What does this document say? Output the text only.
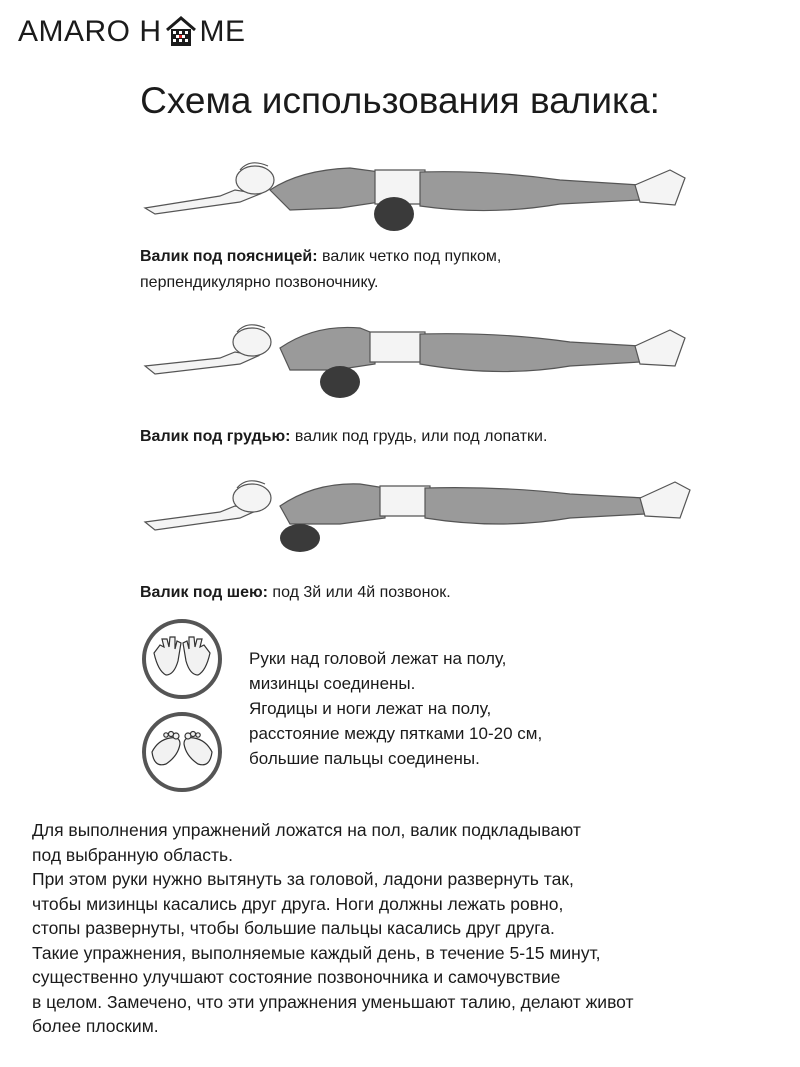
AMARO H ME
Схема использования валика:
Валик под поясницей: валик четко под пупком,
перпендикулярно позвоночнику.
Валик под грудью: валик под грудь, или под лопатки.
Валик под шею: под 3й или 4й позвонок.
Руки над головой лежат на полу,
мизинцы соединены.
Ягодицы и ноги лежат на полу,
расстояние между пятками 10-20 см,
большие пальцы соединены.
Для выполнения упражнений ложатся на пол, валик подкладывают
под выбранную область.
При этом руки нужно вытянуть за головой, ладони развернуть так,
чтобы мизинцы касались друг друга. Ноги должны лежать ровно,
стопы развернуты, чтобы большие пальцы касались друг друга.
Такие упражнения, выполняемые каждый день, в течение 5-15 минут,
существенно улучшают состояние позвоночника и самочувствие
в целом. Замечено, что эти упражнения уменьшают талию, делают живот
более плоским.
